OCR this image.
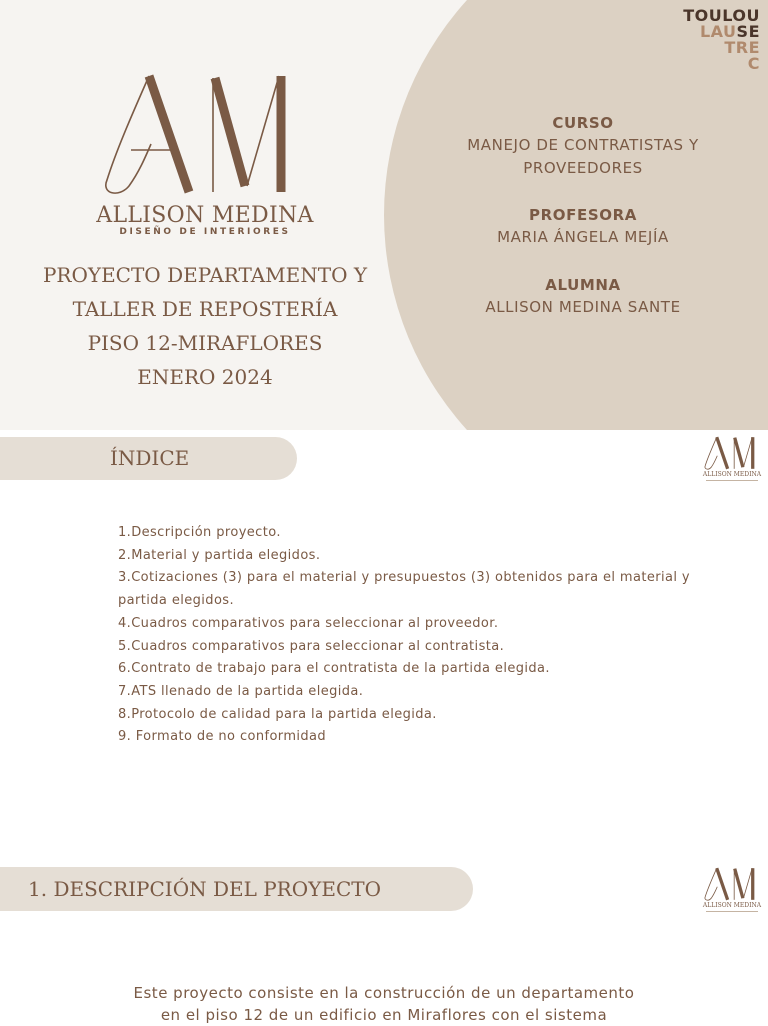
ALLISON MEDINA
DISEÑO DE INTERIORES
PROYECTO DEPARTAMENTO Y
TALLER DE REPOSTERÍA
PISO 12-MIRAFLORES
ENERO 2024
CURSO
MANEJO DE CONTRATISTAS Y
PROVEEDORES
PROFESORA
MARIA ÁNGELA MEJÍA
ALUMNA
ALLISON MEDINA SANTE
TOULOU
LAUSE
TRE
C
ÍNDICE
ALLISON MEDINA
1.Descripción proyecto.
2.Material y partida elegidos.
3.Cotizaciones (3) para el material y presupuestos (3) obtenidos para el material y partida elegidos.
4.Cuadros comparativos para seleccionar al proveedor.
5.Cuadros comparativos para seleccionar al contratista.
6.Contrato de trabajo para el contratista de la partida elegida.
7.ATS llenado de la partida elegida.
8.Protocolo de calidad para la partida elegida.
9. Formato de no conformidad
1. DESCRIPCIÓN DEL PROYECTO
ALLISON MEDINA
Este proyecto consiste en la construcción de un departamento
en el piso 12 de un edificio en Miraflores con el sistema
